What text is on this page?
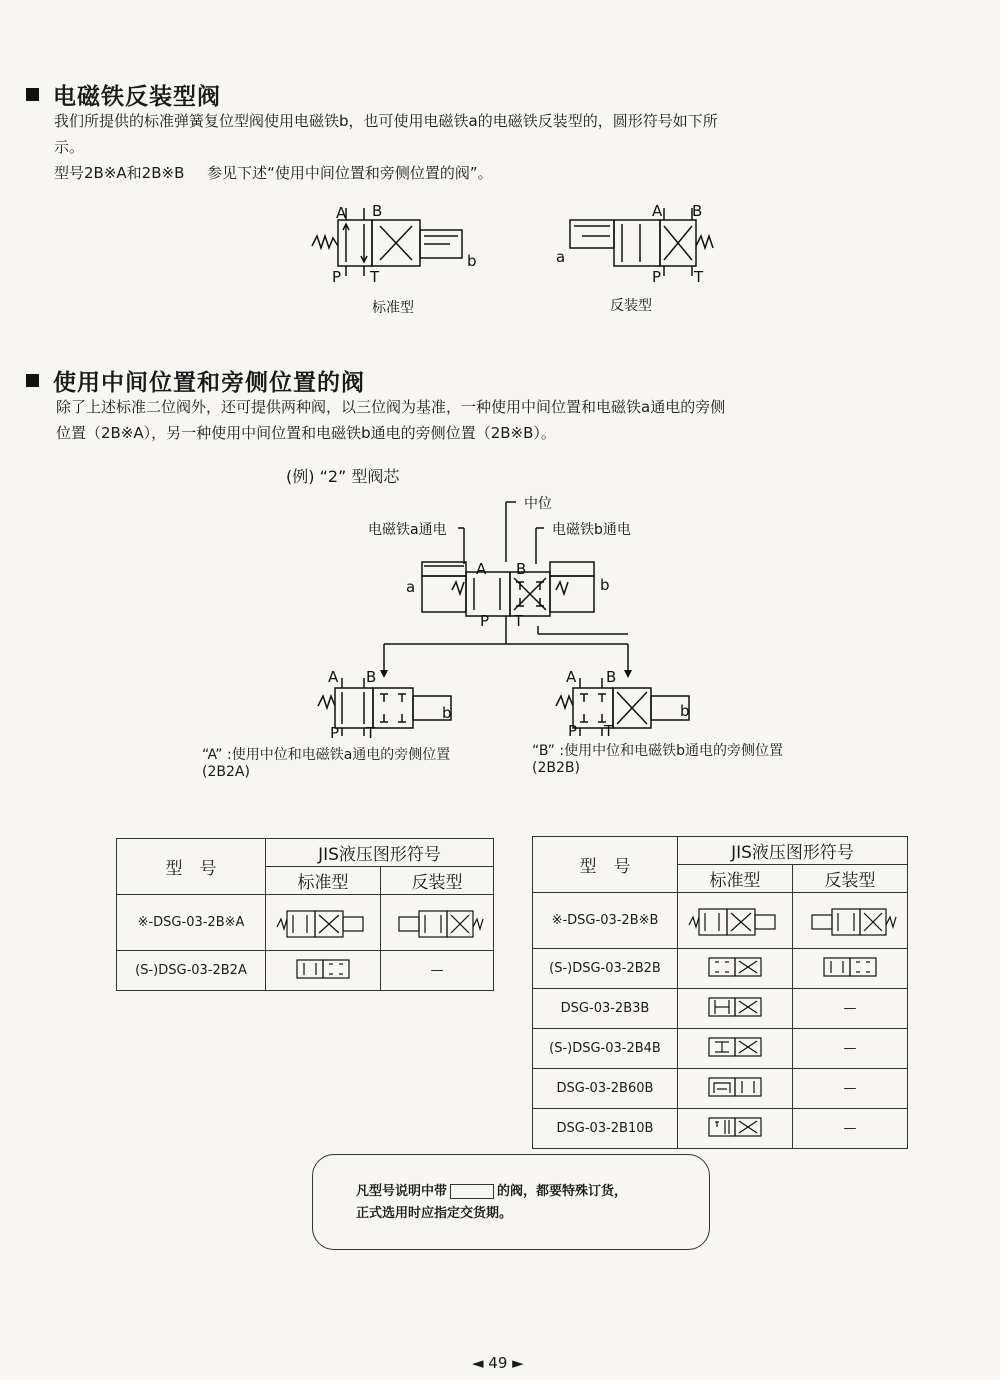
电磁铁反装型阀
我们所提供的标准弹簧复位型阀使用电磁铁b，也可使用电磁铁a的电磁铁反装型的，圆形符号如下所
示。
型号2B※A和2B※B 参见下述“使用中间位置和旁侧位置的阀”。
A B
P T
b
标准型
A B
P T
a
反装型
使用中间位置和旁侧位置的阀
除了上述标准二位阀外，还可提供两种阀，以三位阀为基准，一种使用中间位置和电磁铁a通电的旁侧
位置（2B※A），另一种使用中间位置和电磁铁b通电的旁侧位置（2B※B）。
(例) “2” 型阀芯
中位
电磁铁a通电	电磁铁b通电
a	b
A B
P T
A B
P T
b
A B
P T
b
“A” :使用中位和电磁铁a通电的旁侧位置
(2B2A)
“B” :使用中位和电磁铁b通电的旁侧位置
(2B2B)
型　号	JIS液压图形符号	
	标准型	反装型
※-DSG-03-2B※A		
(S-)DSG-03-2B2A		—
型　号	JIS液压图形符号	
	标准型	反装型
※-DSG-03-2B※B		
(S-)DSG-03-2B2B		
DSG-03-2B3B		—
(S-)DSG-03-2B4B		—
DSG-03-2B60B		—
DSG-03-2B10B		—
凡型号说明中带	的阀，都要特殊订货，
正式选用时应指定交货期。
◄ 49 ►
